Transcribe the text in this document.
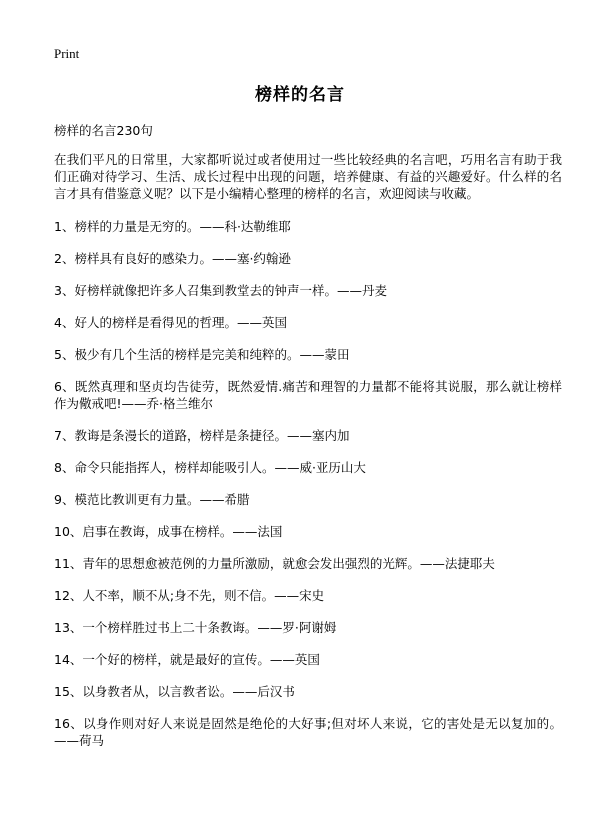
Print
榜样的名言

榜样的名言230句

在我们平凡的日常里，大家都听说过或者使用过一些比较经典的名言吧，巧用名言有助于我们正确对待学习、生活、成长过程中出现的问题，培养健康、有益的兴趣爱好。什么样的名言才具有借鉴意义呢？以下是小编精心整理的榜样的名言，欢迎阅读与收藏。

1、榜样的力量是无穷的。——科·达勒维耶
2、榜样具有良好的感染力。——塞·约翰逊
3、好榜样就像把许多人召集到教堂去的钟声一样。——丹麦
4、好人的榜样是看得见的哲理。——英国
5、极少有几个生活的榜样是完美和纯粹的。——蒙田
6、既然真理和坚贞均告徒劳，既然爱情.痛苦和理智的力量都不能将其说服，那么就让榜样作为儆戒吧!——乔·格兰维尔
7、教诲是条漫长的道路，榜样是条捷径。——塞内加
8、命令只能指挥人，榜样却能吸引人。——威·亚历山大
9、模范比教训更有力量。——希腊
10、启事在教诲，成事在榜样。——法国
11、青年的思想愈被范例的力量所激励，就愈会发出强烈的光辉。——法捷耶夫
12、人不率，顺不从;身不先，则不信。——宋史
13、一个榜样胜过书上二十条教诲。——罗·阿谢姆
14、一个好的榜样，就是最好的宣传。——英国
15、以身教者从，以言教者讼。——后汉书
16、以身作则对好人来说是固然是绝伦的大好事;但对坏人来说，它的害处是无以复加的。——荷马
